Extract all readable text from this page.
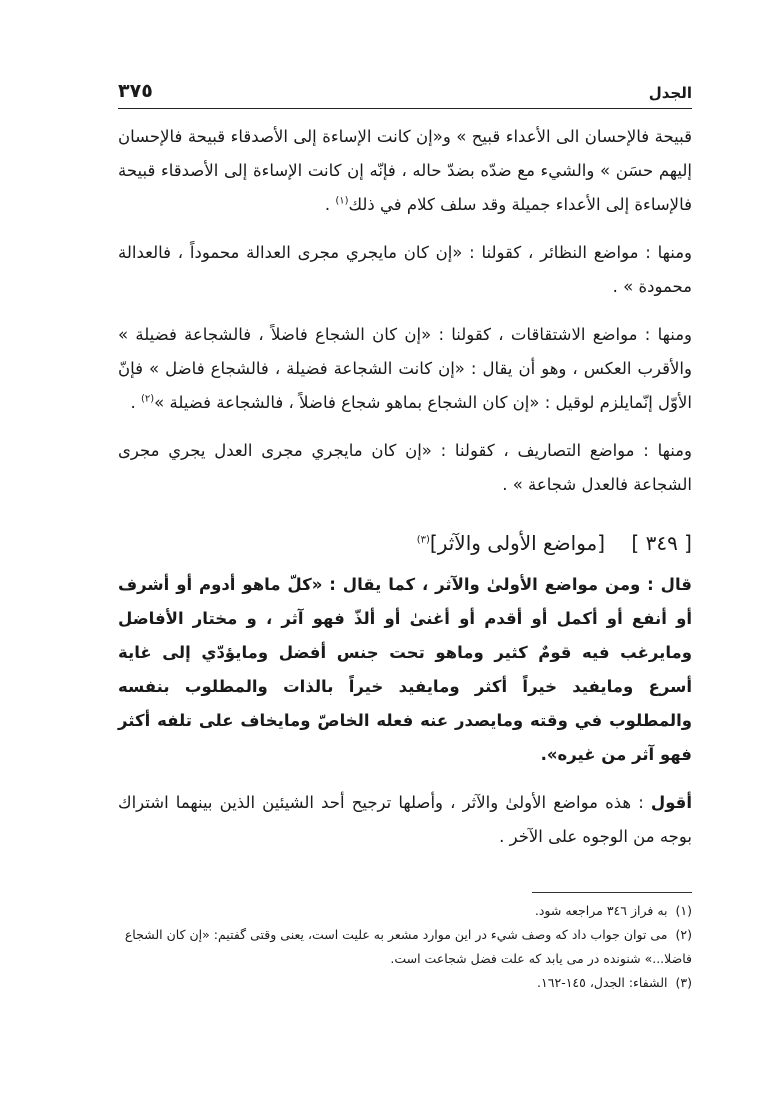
الجدل
٣٧٥

قبيحة فالإحسان الى الأعداء قبيح » و«إن كانت الإساءة إلى الأصدقاء قبيحة فالإحسان إليهم حسَن » والشيء مع ضدّه بضدّ حاله ، فإنّه إن كانت الإساءة إلى الأصدقاء قبيحة فالإساءة إلى الأعداء جميلة وقد سلف كلام في ذلك$^{(١)}$ .

ومنها : مواضع النظائر ، كقولنا : «إن كان مايجري مجرى العدالة محموداً ، فالعدالة محمودة » .

ومنها : مواضع الاشتقاقات ، كقولنا : «إن كان الشجاع فاضلاً ، فالشجاعة فضيلة » والأقرب العكس ، وهو أن يقال : «إن كانت الشجاعة فضيلة ، فالشجاع فاضل » فإنّ الأوّل إنّمايلزم لوقيل : «إن كان الشجاع بماهو شجاع فاضلاً ، فالشجاعة فضيلة »$^{(٢)}$ .

ومنها : مواضع التصاريف ، كقولنا : «إن كان مايجري مجرى العدل يجري مجرى الشجاعة فالعدل شجاعة » .

[ ٣٤٩ ] [مواضع الأولى والآثر]$^{(٣)}$

قال : ومن مواضع الأولىٰ والآثر ، كما يقال : «كلّ ماهو أدوم أو أشرف أو أنفع أو أكمل أو أقدم أو أغنىٰ أو ألذّ فهو آثر ، و مختار الأفاضل ومايرغب فيه قومٌ كثير وماهو تحت جنس أفضل ومايؤدّي إلى غاية أسرع ومايفيد خيراً أكثر ومايفيد خيراً بالذات والمطلوب بنفسه والمطلوب في وقته ومايصدر عنه فعله الخاصّ ومايخاف على تلفه أكثر فهو آثر من غيره».

أقول : هذه مواضع الأولىٰ والآثر ، وأصلها ترجيح أحد الشيئين الذين بينهما اشتراك بوجه من الوجوه على الآخر .

(١)به فراز ٣٤٦ مراجعه شود.

(٢)مى توان جواب داد كه وصف شيء در اين موارد مشعر به عليت است، يعنى وقتى گفتيم: «إن كان الشجاع فاضلا...» شنونده در مى يابد كه علت فضل شجاعت است.

(٣)الشفاء: الجدل، ١٤٥-١٦٢.
